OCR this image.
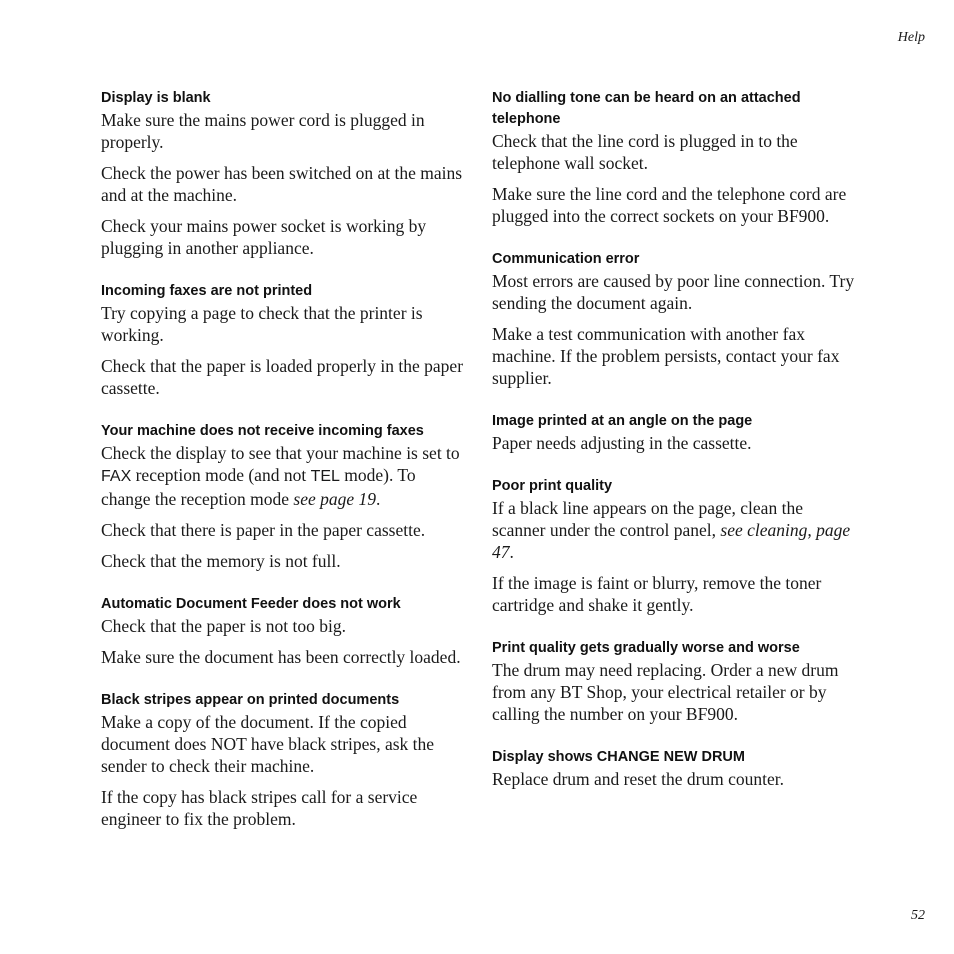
Help

Display is blank

Make sure the mains power cord is plugged in properly.

Check the power has been switched on at the mains and at the machine.

Check your mains power socket is working by plugging in another appliance.

Incoming faxes are not printed

Try copying a page to check that the printer is working.

Check that the paper is loaded properly in the paper cassette.

Your machine does not receive incoming faxes

Check the display to see that your machine is set to FAX reception mode (and not TEL mode). To change the reception mode see page 19.

Check that there is paper in the paper cassette.

Check that the memory is not full.

Automatic Document Feeder does not work

Check that the paper is not too big.

Make sure the document has been correctly loaded.

Black stripes appear on printed documents

Make a copy of the document. If the copied document does NOT have black stripes, ask the sender to check their machine.

If the copy has black stripes call for a service engineer to fix the problem.

No dialling tone can be heard on an attached telephone

Check that the line cord is plugged in to the telephone wall socket.

Make sure the line cord and the telephone cord are plugged into the correct sockets on your BF900.

Communication error

Most errors are caused by poor line connection. Try sending the document again.

Make a test communication with another fax machine. If the problem persists, contact your fax supplier.

Image printed at an angle on the page

Paper needs adjusting in the cassette.

Poor print quality

If a black line appears on the page, clean the scanner under the control panel, see cleaning, page 47.

If the image is faint or blurry, remove the toner cartridge and shake it gently.

Print quality gets gradually worse and worse

The drum may need replacing. Order a new drum from any BT Shop, your electrical retailer or by calling the number on your BF900.

Display shows CHANGE NEW DRUM

Replace drum and reset the drum counter.

52
